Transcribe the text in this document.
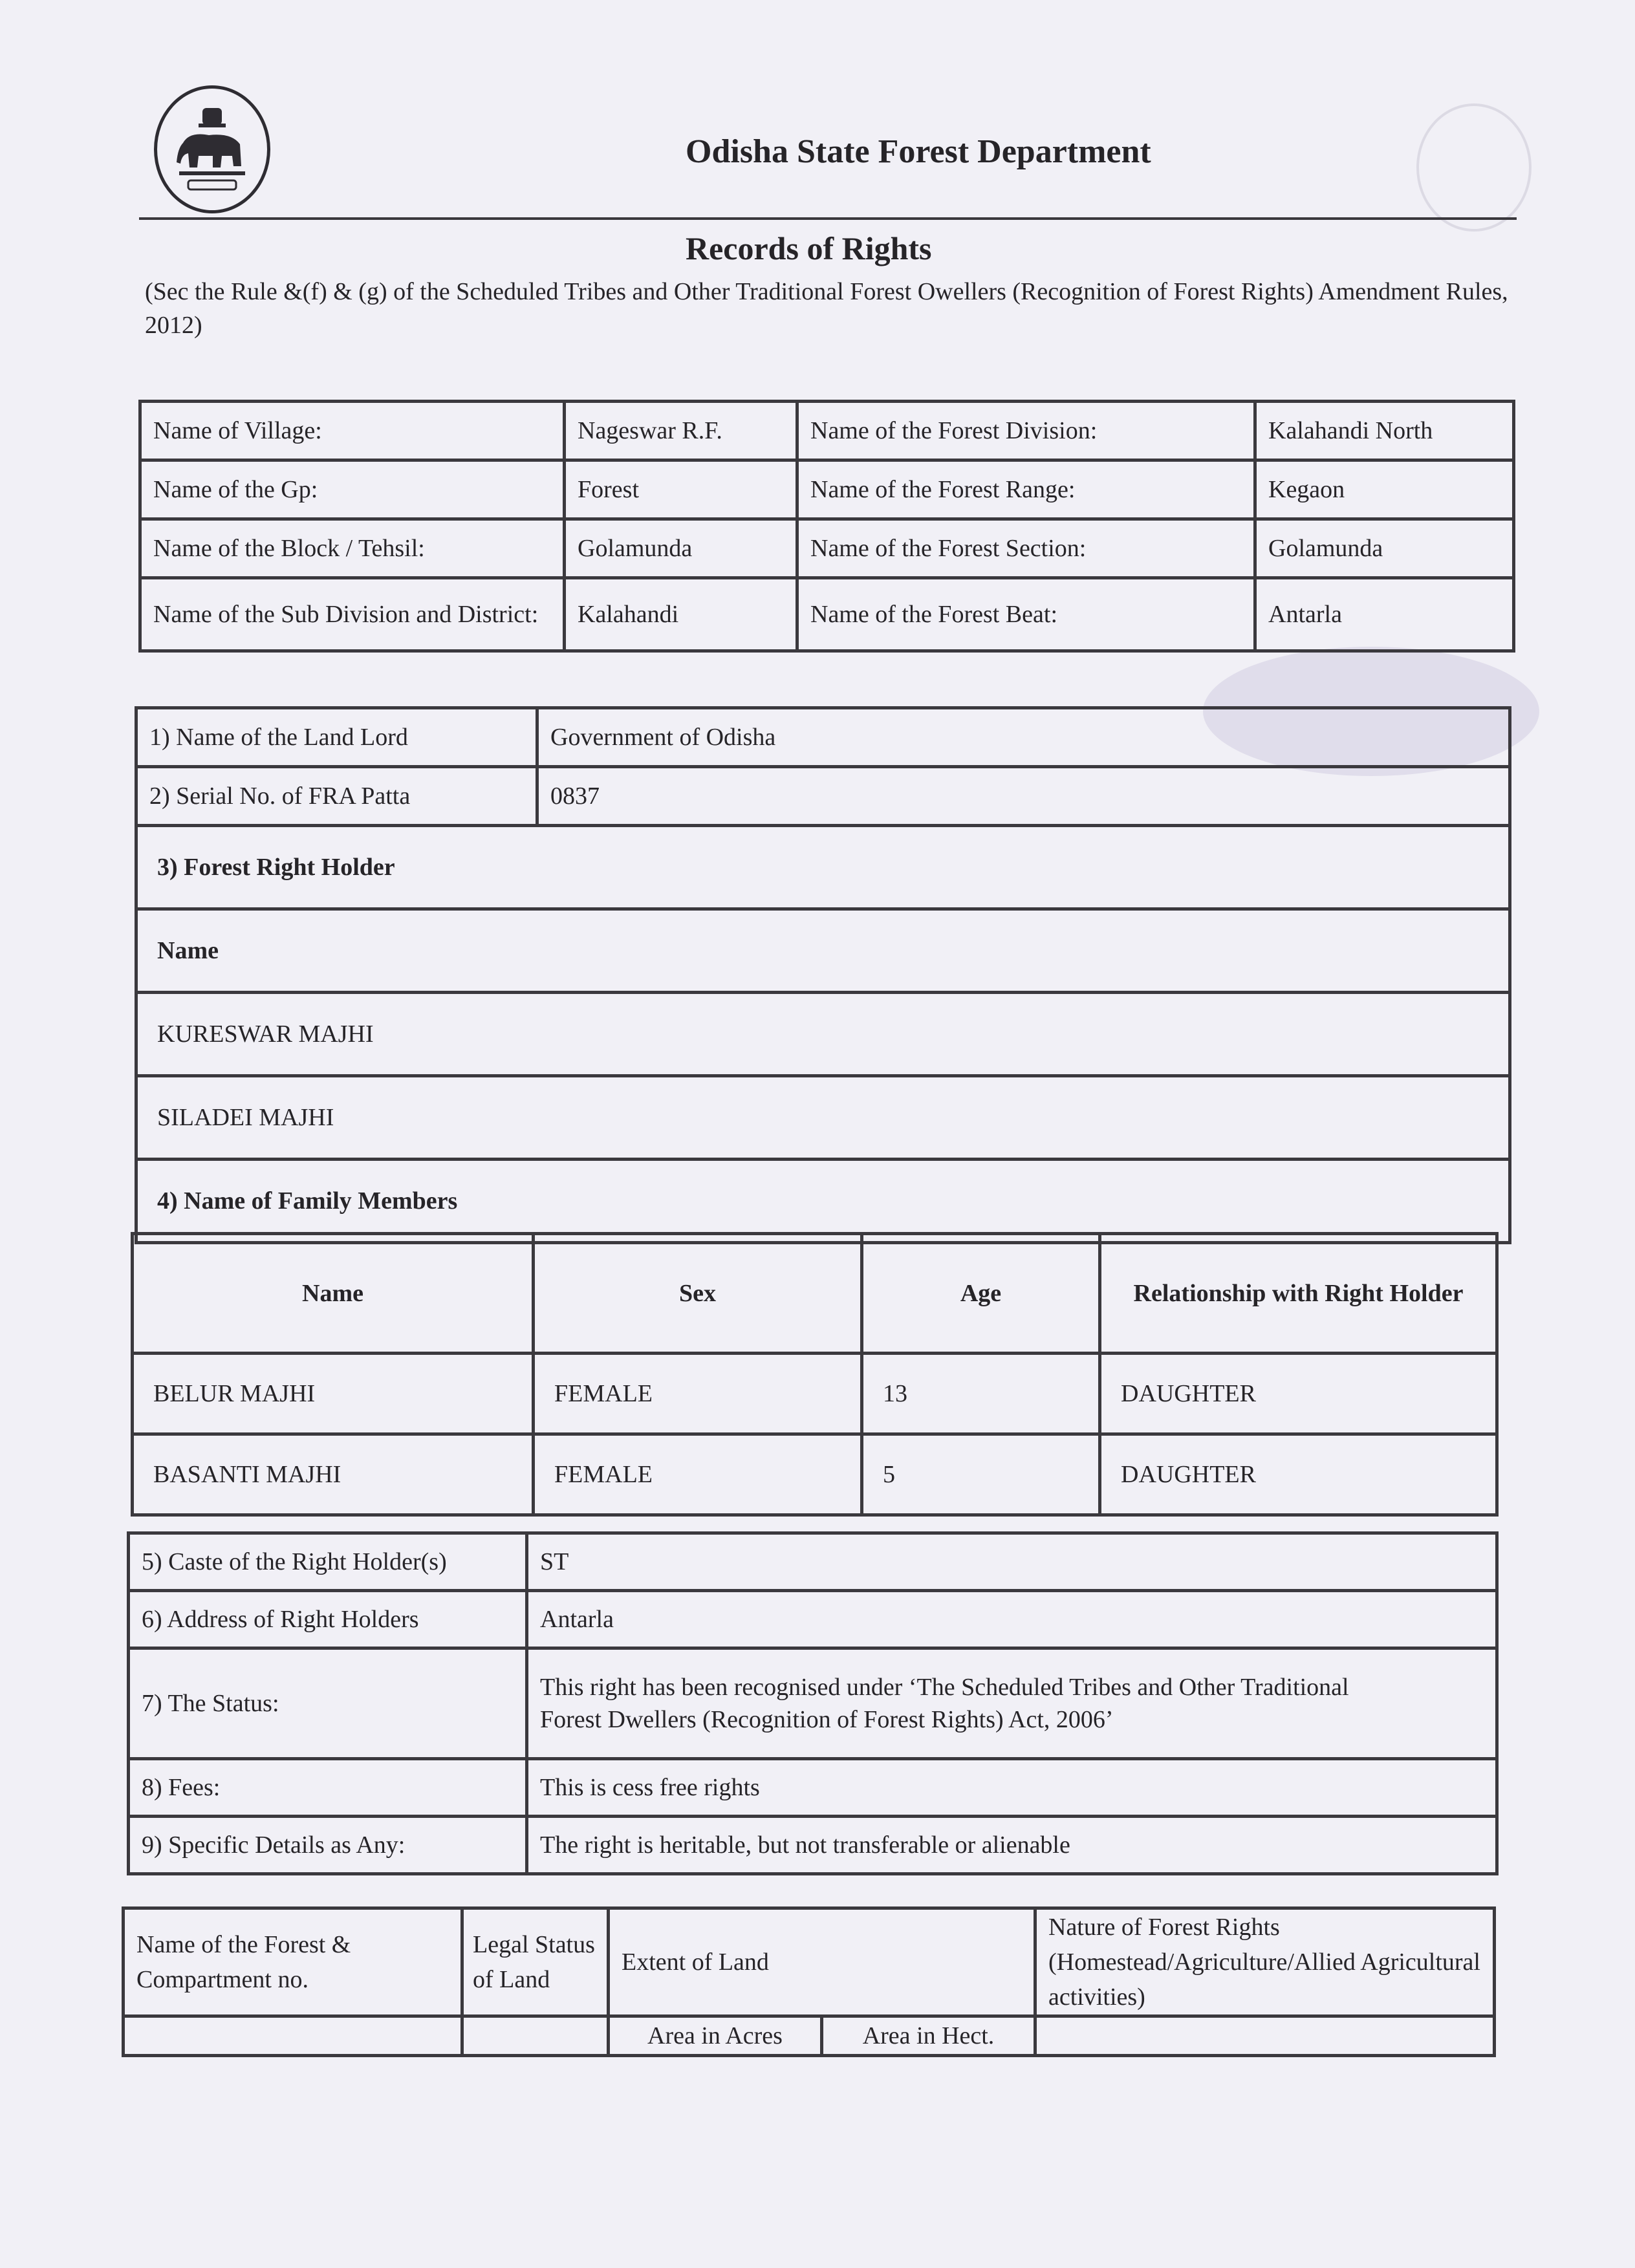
Odisha State Forest Department
Records of Rights
(Sec the Rule &(f) & (g) of the Scheduled Tribes and Other Traditional Forest Owellers (Recognition of Forest Rights) Amendment Rules, 2012)
Name of Village:	Nageswar R.F.	Name of the Forest Division:	Kalahandi North
Name of the Gp:	Forest	Name of the Forest Range:	Kegaon
Name of the Block / Tehsil:	Golamunda	Name of the Forest Section:	Golamunda
Name of the Sub Division and District:	Kalahandi	Name of the Forest Beat:	Antarla
1) Name of the Land Lord	Government of Odisha
2) Serial No. of FRA Patta	0837
3) Forest Right Holder	
Name	
KURESWAR MAJHI	
SILADEI MAJHI	
4) Name of Family Members	
Name	Sex	Age	Relationship with Right Holder
BELUR MAJHI	FEMALE	13	DAUGHTER
BASANTI MAJHI	FEMALE	5	DAUGHTER
5) Caste of the Right Holder(s)	ST
6) Address of Right Holders	Antarla
7) The Status:	This right has been recognised under ‘The Scheduled Tribes and Other Traditional
Forest Dwellers (Recognition of Forest Rights) Act, 2006’

8) Fees:	This is cess free rights
9) Specific Details as Any:	The right is heritable, but not transferable or alienable
Name of the Forest & Compartment no.	Legal Status of Land	Extent of Land		Nature of Forest Rights (Homestead/Agriculture/Allied Agricultural activities)
		Area in Acres	Area in Hect.	
